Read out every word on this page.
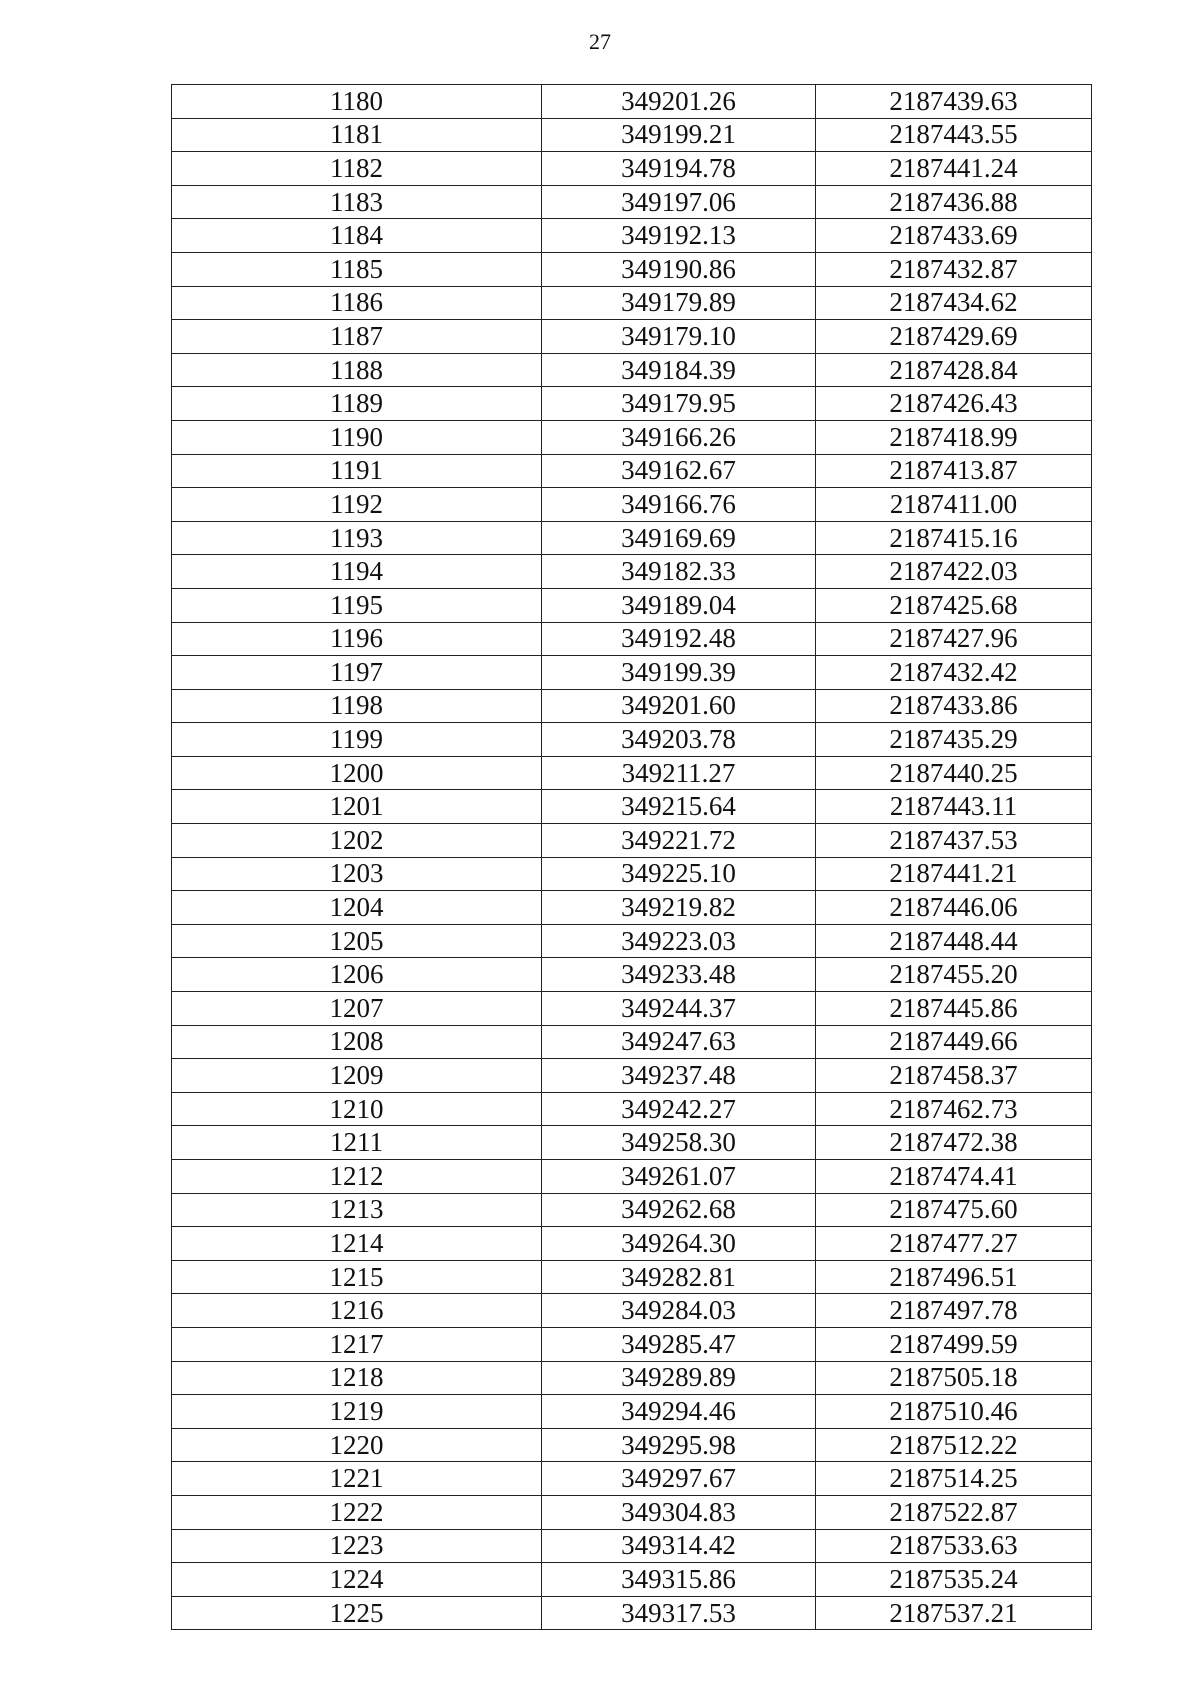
27
1180	349201.26	2187439.63
1181	349199.21	2187443.55
1182	349194.78	2187441.24
1183	349197.06	2187436.88
1184	349192.13	2187433.69
1185	349190.86	2187432.87
1186	349179.89	2187434.62
1187	349179.10	2187429.69
1188	349184.39	2187428.84
1189	349179.95	2187426.43
1190	349166.26	2187418.99
1191	349162.67	2187413.87
1192	349166.76	2187411.00
1193	349169.69	2187415.16
1194	349182.33	2187422.03
1195	349189.04	2187425.68
1196	349192.48	2187427.96
1197	349199.39	2187432.42
1198	349201.60	2187433.86
1199	349203.78	2187435.29
1200	349211.27	2187440.25
1201	349215.64	2187443.11
1202	349221.72	2187437.53
1203	349225.10	2187441.21
1204	349219.82	2187446.06
1205	349223.03	2187448.44
1206	349233.48	2187455.20
1207	349244.37	2187445.86
1208	349247.63	2187449.66
1209	349237.48	2187458.37
1210	349242.27	2187462.73
1211	349258.30	2187472.38
1212	349261.07	2187474.41
1213	349262.68	2187475.60
1214	349264.30	2187477.27
1215	349282.81	2187496.51
1216	349284.03	2187497.78
1217	349285.47	2187499.59
1218	349289.89	2187505.18
1219	349294.46	2187510.46
1220	349295.98	2187512.22
1221	349297.67	2187514.25
1222	349304.83	2187522.87
1223	349314.42	2187533.63
1224	349315.86	2187535.24
1225	349317.53	2187537.21
